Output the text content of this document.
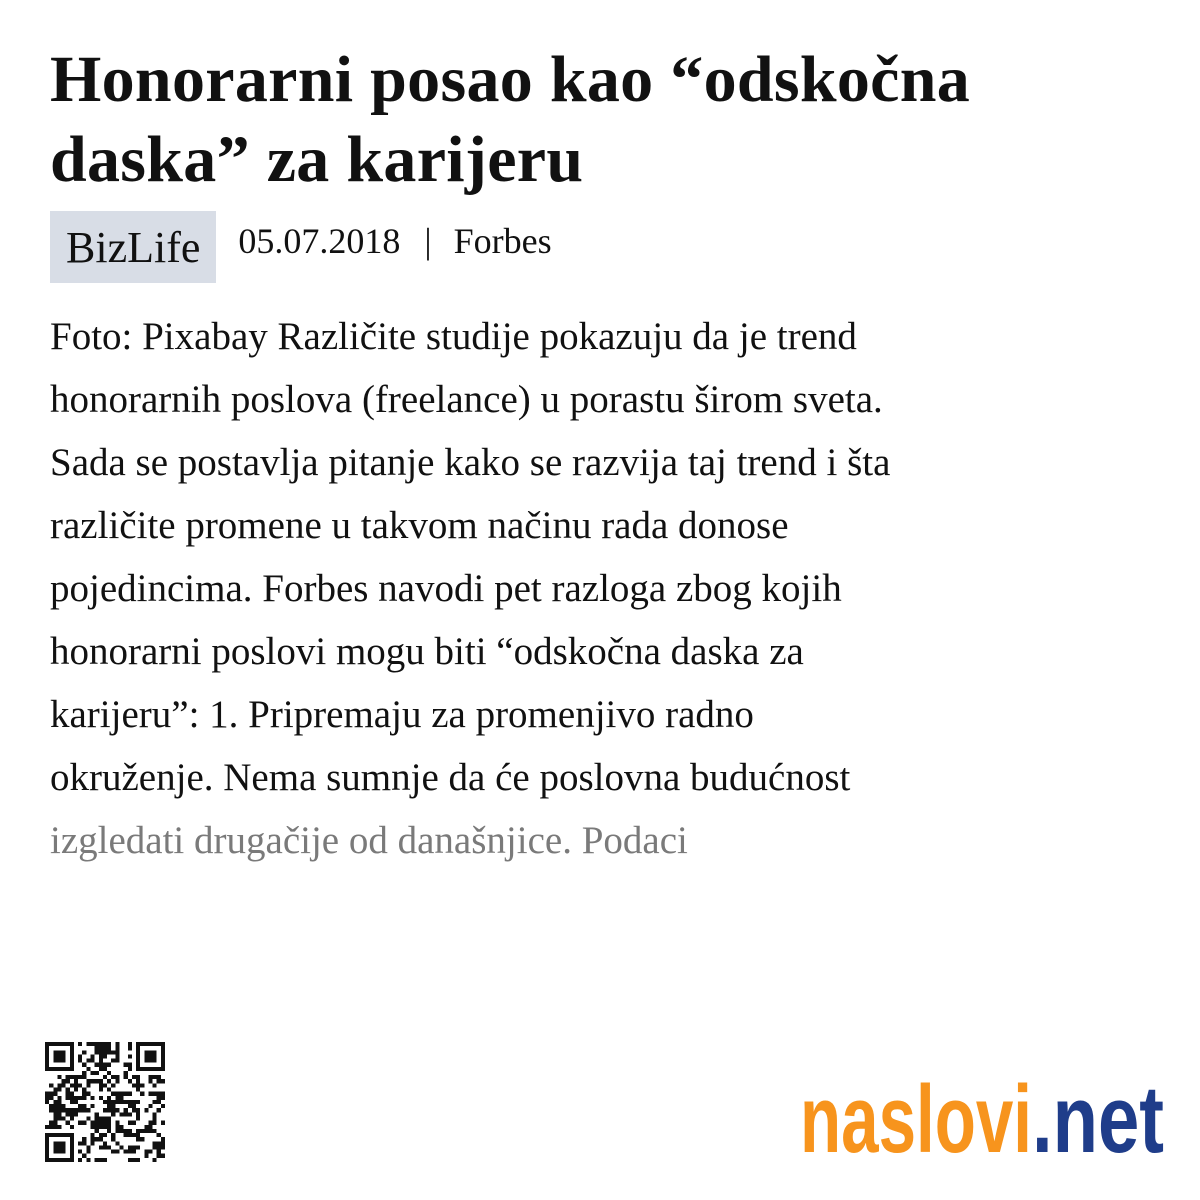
Honorarni posao kao “odskočna
daska” za karijeru
BizLife	05.07.2018 | Forbes
Foto: Pixabay Različite studije pokazuju da je trend
honorarnih poslova (freelance) u porastu širom sveta.
Sada se postavlja pitanje kako se razvija taj trend i šta
različite promene u takvom načinu rada donose
pojedincima. Forbes navodi pet razloga zbog kojih
honorarni poslovi mogu biti “odskočna daska za
karijeru”: 1. Pripremaju za promenjivo radno
okruženje. Nema sumnje da će poslovna budućnost
izgledati drugačije od današnjice. Podaci
naslovi .net
